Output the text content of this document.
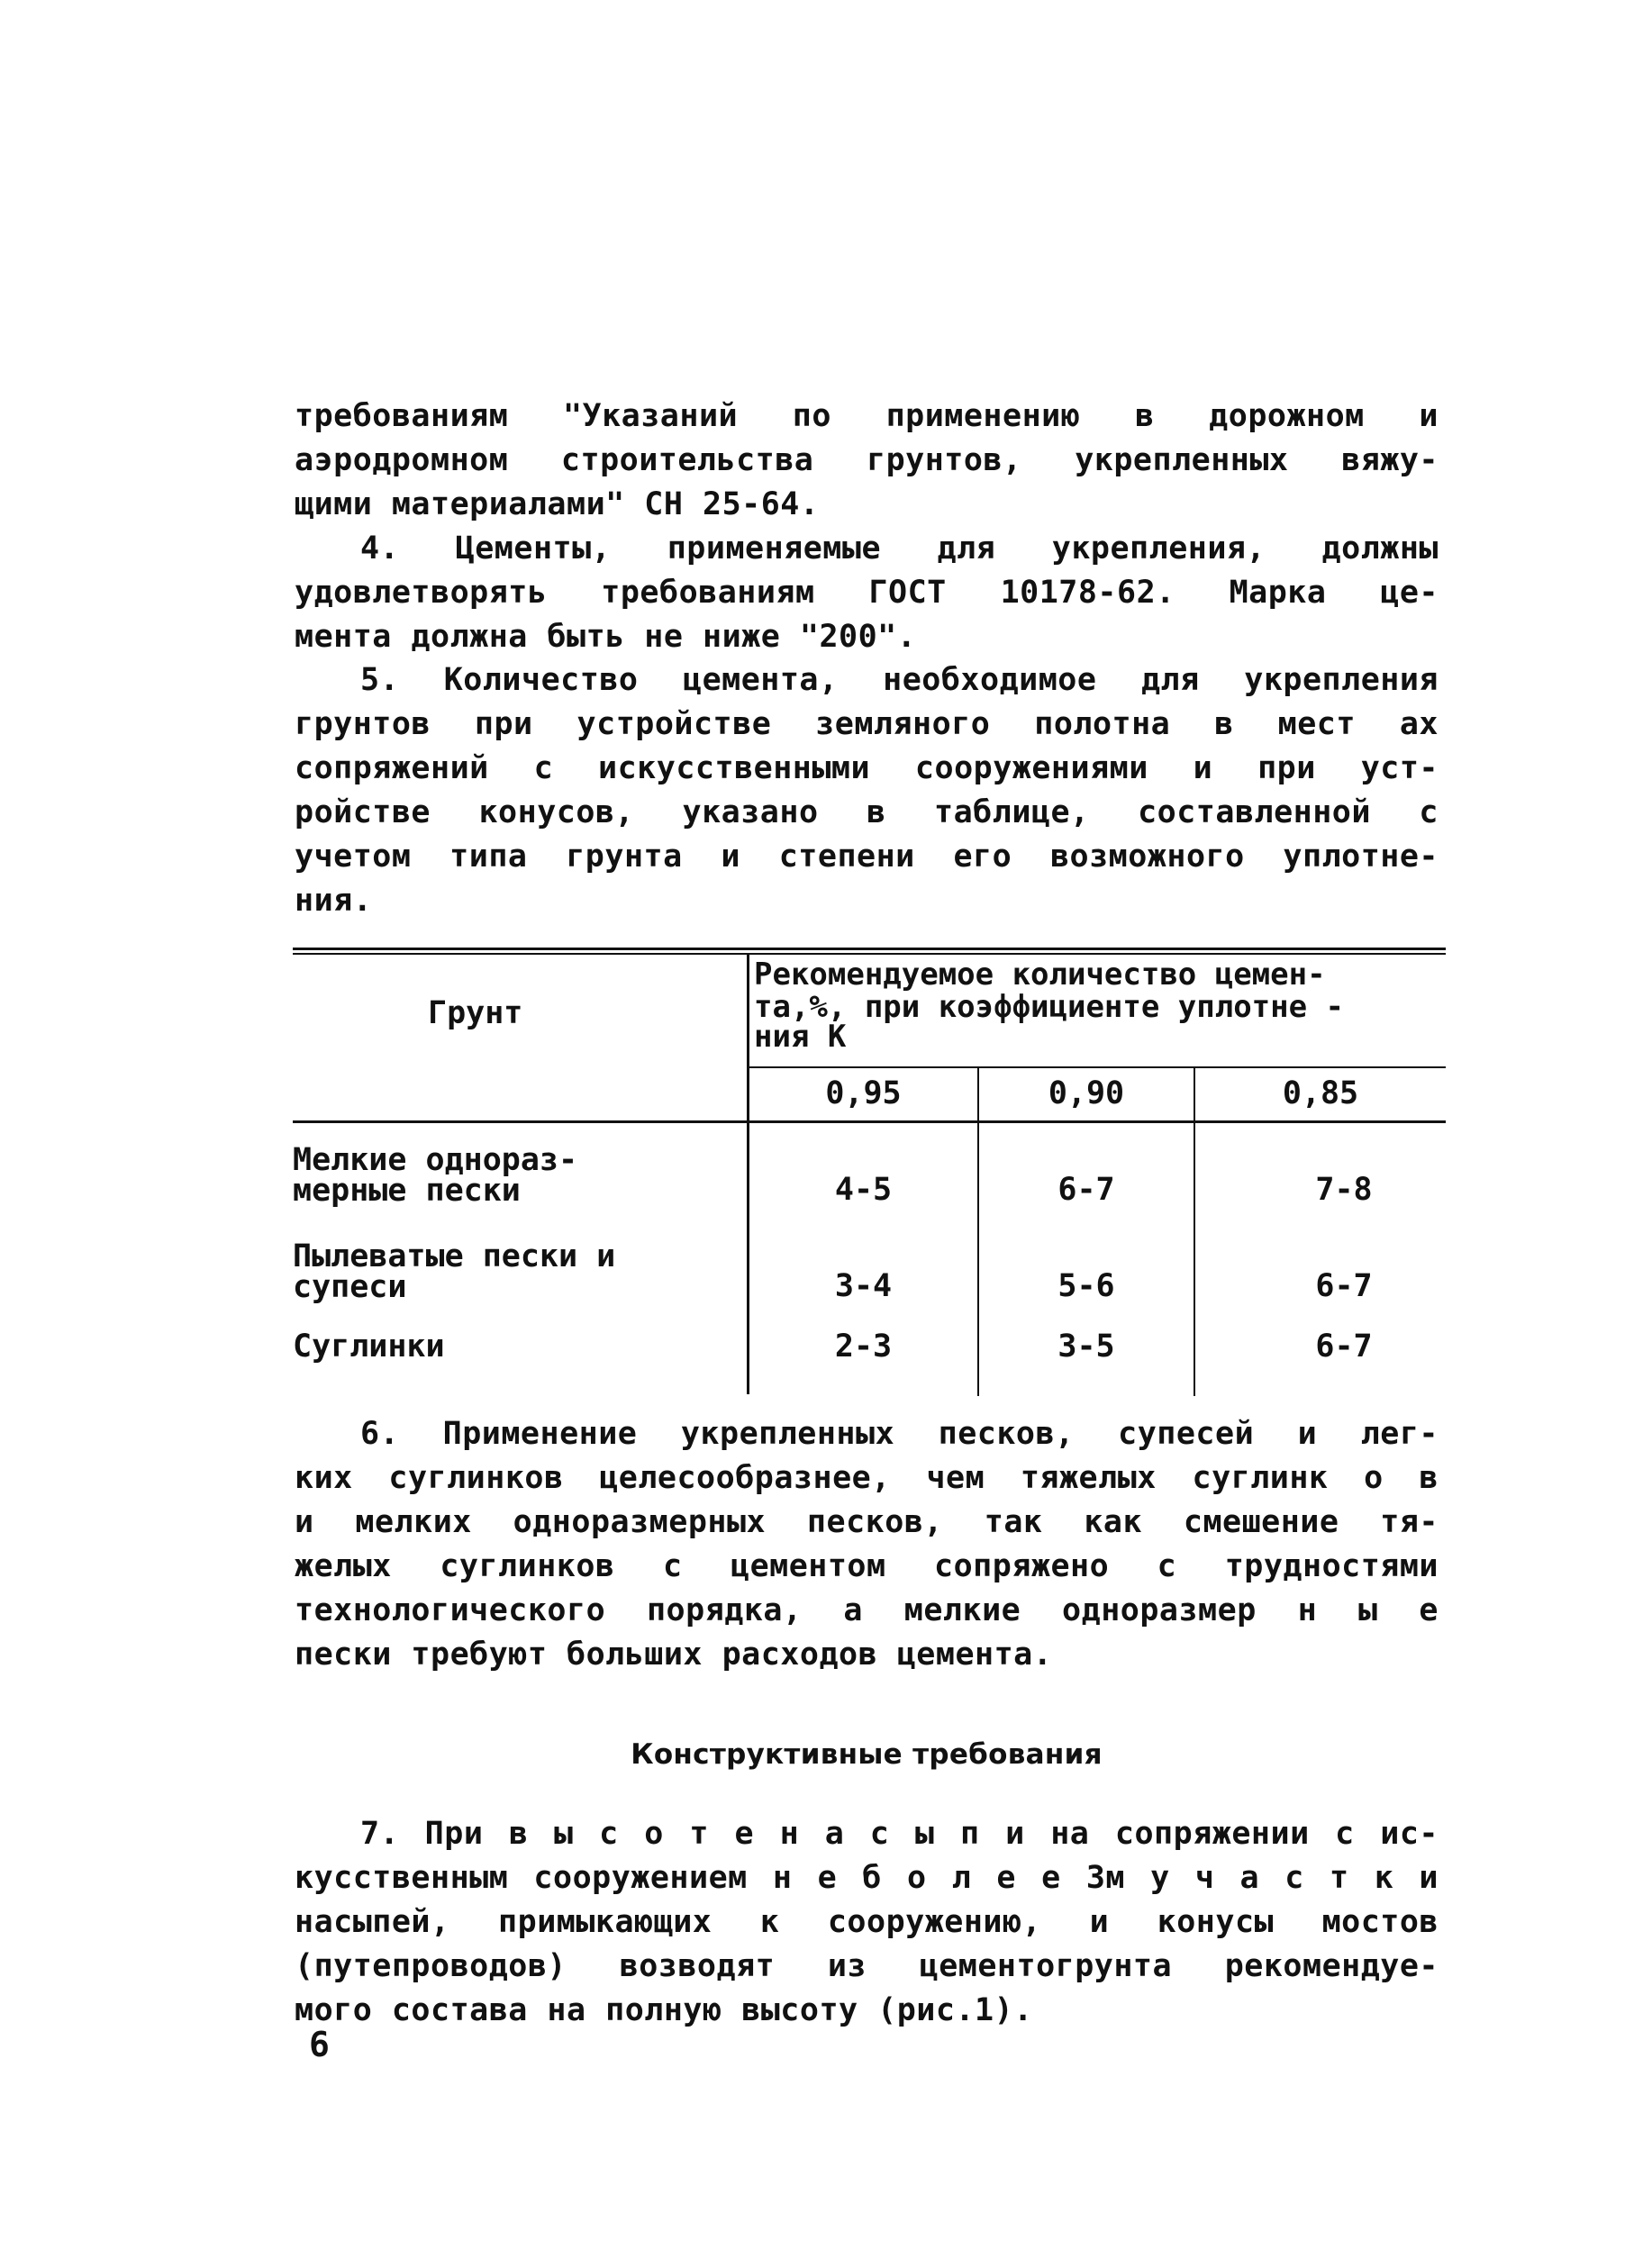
требованиям "Указаний по применению в дорожном и
аэродромном строительства грунтов, укрепленных вяжу-
щими материалами" СН 25-64.
4. Цементы, применяемые для укрепления, должны
удовлетворять требованиям ГОСТ 10178-62. Марка це-
мента должна быть не ниже "200".
5. Количество цемента, необходимое для укрепления
грунтов при устройстве земляного полотна в мест ах
сопряжений с искусственными сооружениями и при уст-
ройстве конусов, указано в таблице, составленной с
учетом типа грунта и степени его возможного уплотне-
ния.
Грунт
Рекомендуемое количество цемен-
та,%, при коэффициенте уплотне -
ния К
0,95	0,90	0,85
Мелкие однораз-
мерные пески	4-5	6-7	7-8
Пылеватые пески и
супеси	3-4	5-6	6-7
Суглинки	2-3	3-5	6-7
6. Применение укрепленных песков, супесей и лег-
ких суглинков целесообразнее, чем тяжелых суглинк о в
и мелких одноразмерных песков, так как смешение тя-
желых суглинков с цементом сопряжено с трудностями
технологического порядка, а мелкие одноразмер н ы е
пески требуют больших расходов цемента.
Конструктивные требования
7. При в ы с о т е н а с ы п и на сопряжении с ис-
кусственным сооружением н е б о л е е 3м у ч а с т к и
насыпей, примыкающих к сооружению, и конусы мостов
(путепроводов) возводят из цементогрунта рекомендуе-
мого состава на полную высоту (рис.1).
6
